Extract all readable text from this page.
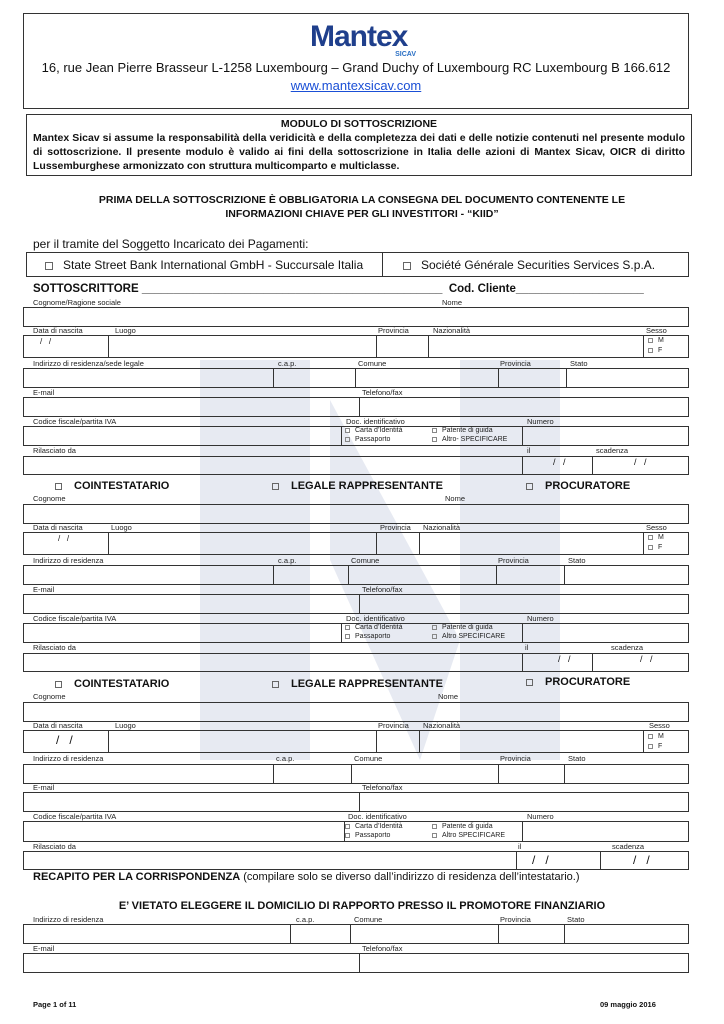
Mantex
SICAV
16, rue Jean Pierre Brasseur L-1258 Luxembourg – Grand Duchy of Luxembourg RC Luxembourg B 166.612
www.mantexsicav.com
MODULO DI SOTTOSCRIZIONE
Mantex Sicav si assume la responsabilità della veridicità e della completezza dei dati e delle notizie contenuti nel presente modulo di sottoscrizione. Il presente modulo è valido ai fini della sottoscrizione in Italia delle azioni di Mantex Sicav, OICR di diritto Lussemburghese armonizzato con struttura multicomparto e multiclasse.
PRIMA DELLA SOTTOSCRIZIONE È OBBLIGATORIA LA CONSEGNA DEL DOCUMENTO CONTENENTE LE INFORMAZIONI CHIAVE PER GLI INVESTITORI - “KIID”
per il tramite del Soggetto Incaricato dei Pagamenti:
State Street Bank International GmbH - Succursale Italia	Société Générale Securities Services S.p.A.
SOTTOSCRITTORE _______________________________________________  Cod. Cliente____________________
Cognome/Ragione sociale	Nome
Data di nascita	Luogo	Provincia	Nazionalità	Sesso
/   /	M
F
Indirizzo di residenza/sede legale	c.a.p.	Comune	Provincia	Stato
E-mail	Telefono/fax
Codice fiscale/partita IVA	Doc. identificativo	Numero
Carta d’Identità
Passaporto
Patente di guida
Altro- SPECIFICARE
Rilasciato da	il	scadenza
/   /	/   /
COINTESTATARIO	LEGALE RAPPRESENTANTE	PROCURATORE
Cognome	Nome
Data di nascita	Luogo	Provincia Nazionalità	Sesso
/   /	M
F
Indirizzo di residenza	c.a.p.	Comune	Provincia	Stato
E-mail	Telefono/fax
Codice fiscale/partita IVA	Doc. identificativo	Numero
Carta d’Identità
Passaporto
Patente di guida
Altro SPECIFICARE
Rilasciato da	il	scadenza
/   /	/   /
COINTESTATARIO	LEGALE RAPPRESENTANTE	PROCURATORE
Cognome	Nome
Data di nascita	Luogo	Provincia Nazionalità	Sesso
/   /	M
F
Indirizzo di residenza	c.a.p.	Comune	Provincia	Stato
E-mail	Telefono/fax
Codice fiscale/partita IVA	Doc. identificativo	Numero
Carta d’Identità
Passaporto
Patente di guida
Altro SPECIFICARE
Rilasciato da	il	scadenza
/   /	/   /
RECAPITO PER LA CORRISPONDENZA (compilare solo se diverso dall’indirizzo di residenza dell’intestatario.)
E’ VIETATO ELEGGERE IL DOMICILIO DI RAPPORTO PRESSO IL PROMOTORE FINANZIARIO
Indirizzo di residenza	c.a.p.	Comune	Provincia	Stato
E-mail	Telefono/fax
Page 1 of 11	09 maggio 2016
